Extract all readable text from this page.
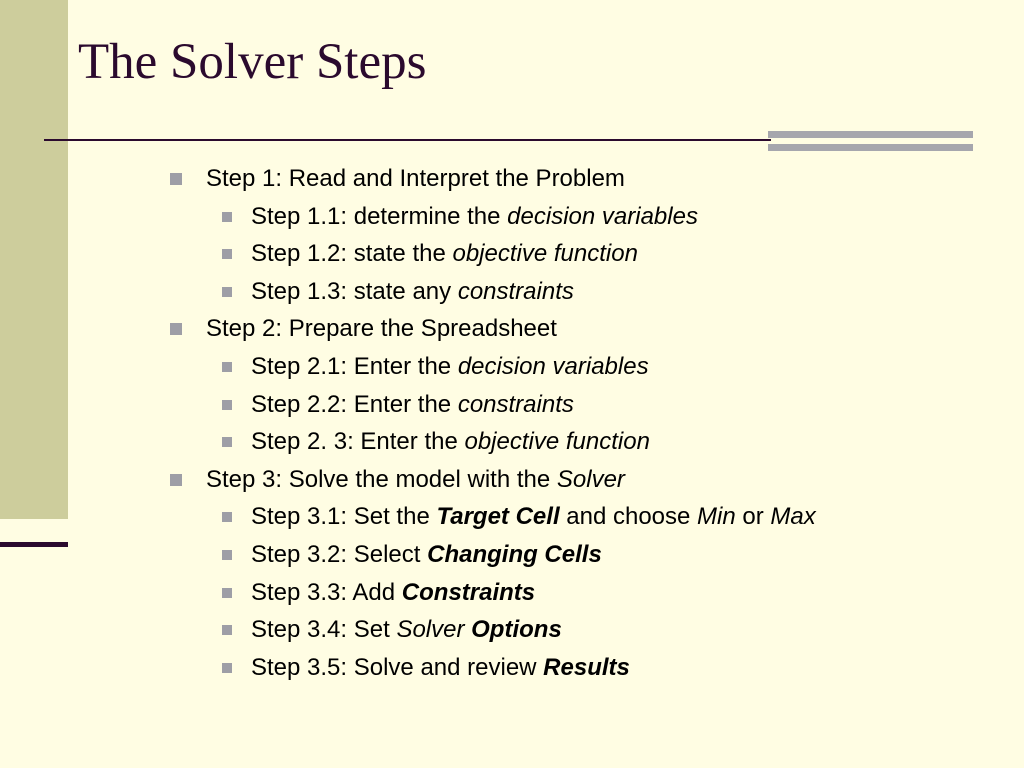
The Solver Steps
Step 1: Read and Interpret the Problem
Step 1.1: determine the decision variables
Step 1.2: state the objective function
Step 1.3: state any constraints
Step 2: Prepare the Spreadsheet
Step 2.1: Enter the decision variables
Step 2.2: Enter the constraints
Step 2. 3: Enter the objective function
Step 3: Solve the model with the Solver
Step 3.1: Set the Target Cell and choose Min or Max
Step 3.2: Select Changing Cells
Step 3.3: Add Constraints
Step 3.4: Set Solver Options
Step 3.5: Solve and review Results
